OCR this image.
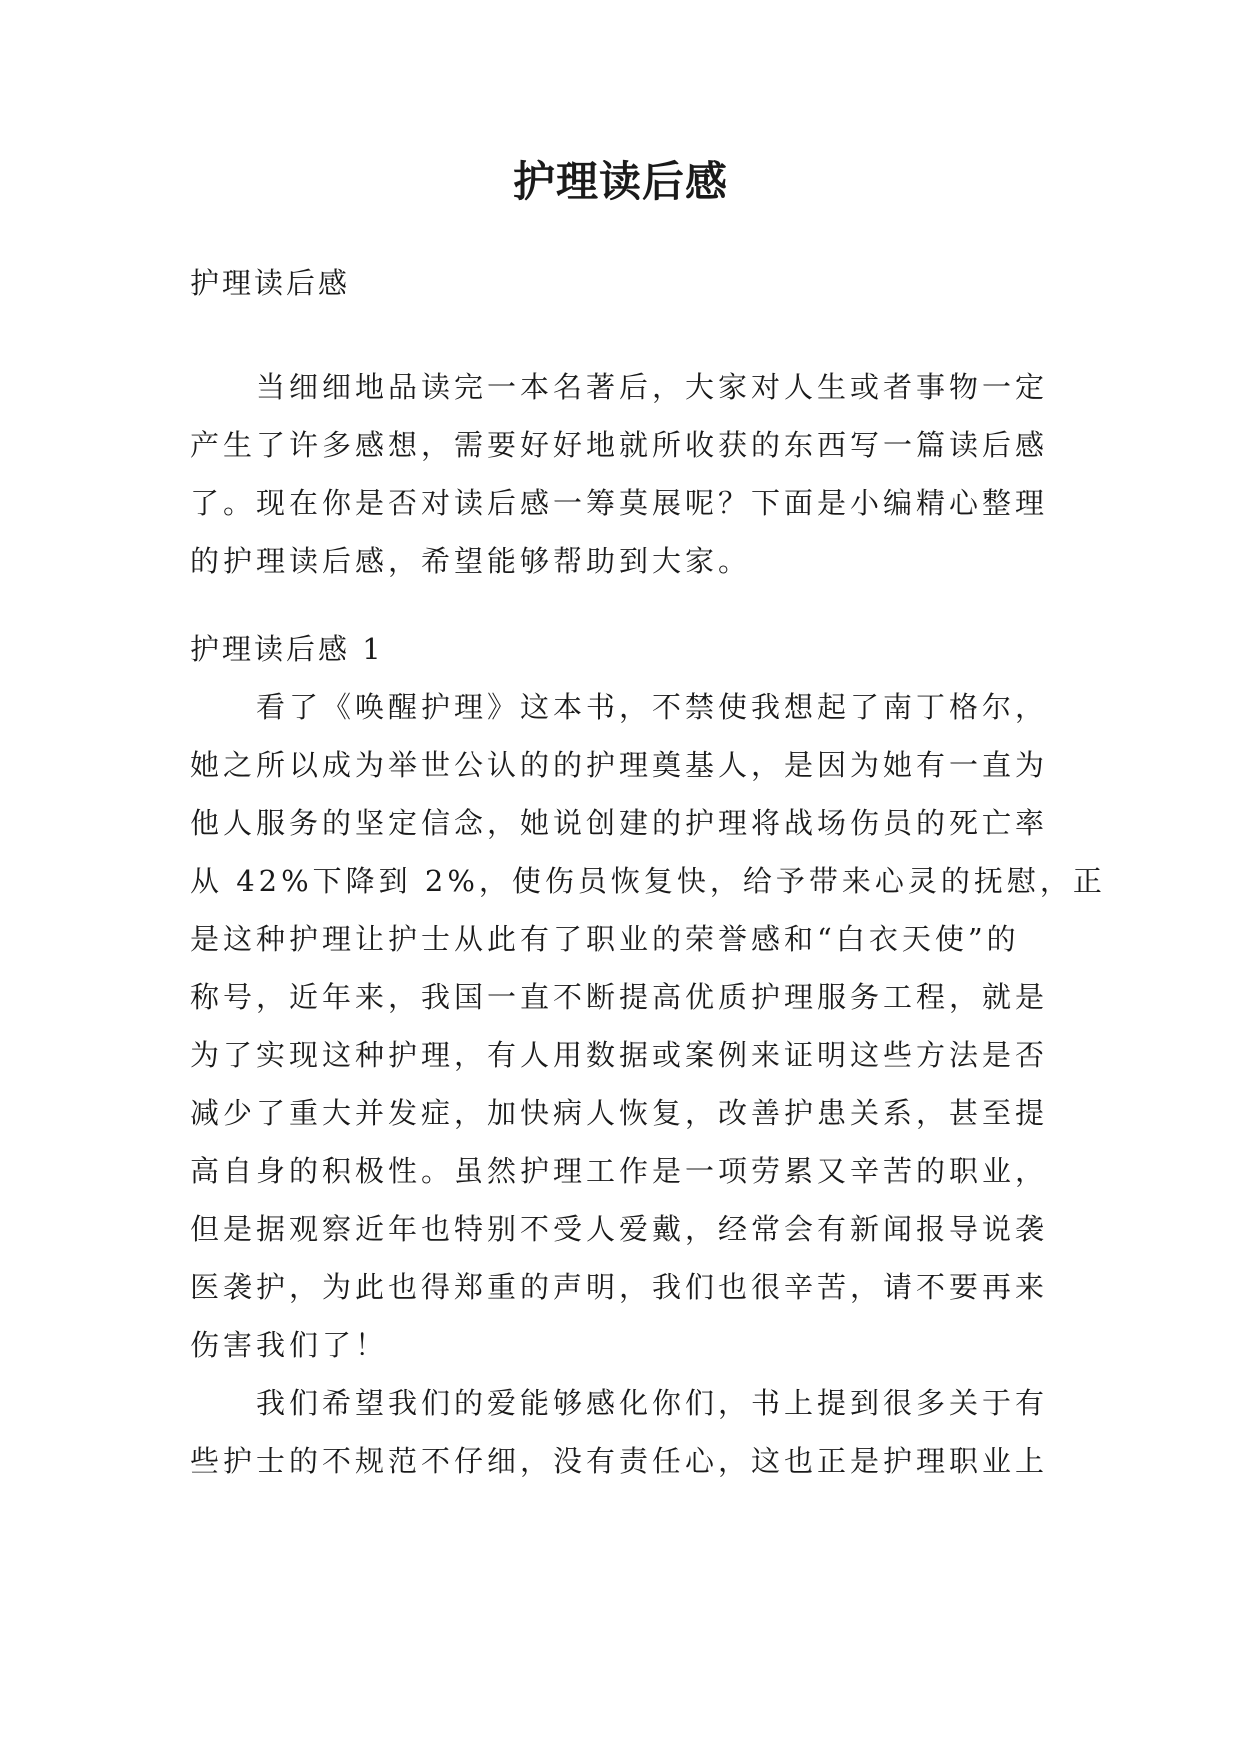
护理读后感

护理读后感

当细细地品读完一本名著后，大家对人生或者事物一定
产生了许多感想，需要好好地就所收获的东西写一篇读后感
了。现在你是否对读后感一筹莫展呢？下面是小编精心整理
的护理读后感，希望能够帮助到大家。

护理读后感 1

看了《唤醒护理》这本书，不禁使我想起了南丁格尔，
她之所以成为举世公认的的护理奠基人，是因为她有一直为
他人服务的坚定信念，她说创建的护理将战场伤员的死亡率
从 42%下降到 2%，使伤员恢复快，给予带来心灵的抚慰，正
是这种护理让护士从此有了职业的荣誉感和“白衣天使”的
称号，近年来，我国一直不断提高优质护理服务工程，就是
为了实现这种护理，有人用数据或案例来证明这些方法是否
减少了重大并发症，加快病人恢复，改善护患关系，甚至提
高自身的积极性。虽然护理工作是一项劳累又辛苦的职业，
但是据观察近年也特别不受人爱戴，经常会有新闻报导说袭
医袭护，为此也得郑重的声明，我们也很辛苦，请不要再来
伤害我们了！
我们希望我们的爱能够感化你们，书上提到很多关于有
些护士的不规范不仔细，没有责任心，这也正是护理职业上
